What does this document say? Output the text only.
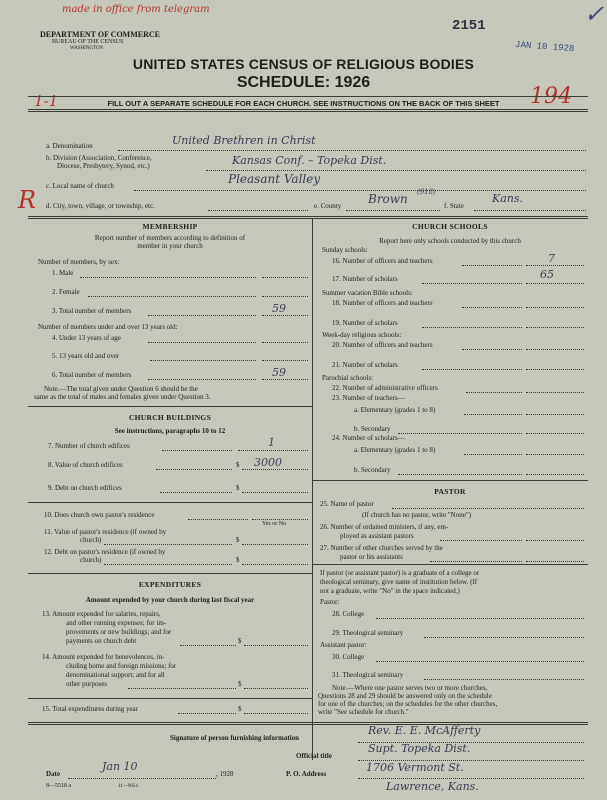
made in office from telegram
2151
JAN 10 1928
✓
1-1	194
R
DEPARTMENT OF COMMERCE
BUREAU OF THE CENSUS
WASHINGTON
UNITED STATES CENSUS OF RELIGIOUS BODIES
SCHEDULE: 1926
FILL OUT A SEPARATE SCHEDULE FOR EACH CHURCH. SEE INSTRUCTIONS ON THE BACK OF THIS SHEET
a. Denomination	United Brethren in Christ
b. Division (Association, Conference,
Diocese, Presbytery, Synod, etc.)	Kansas Conf. – Topeka Dist.
c. Local name of church	Pleasant Valley
d. City, town, village, or township, etc.	e. County Brown (918)
f. State
Kans.
MEMBERSHIP
Report number of members according to definition of
member in your church
Number of members, by sex:
1. Male
2. Female
3. Total number of members	59
Number of members under and over 13 years old:
4. Under 13 years of age
5. 13 years old and over
6. Total number of members	59
Note.—The total given under Question 6 should be the
same as the total of males and females given under Question 3.
CHURCH BUILDINGS
See instructions, paragraphs 10 to 12
7. Number of church edifices	1
8. Value of church edifices	$ 3000
9. Debt on church edifices	$
10. Does church own pastor's residence
Yes or No
11. Value of pastor's residence (if owned by
church)	$
12. Debt on pastor's residence (if owned by
church)	$
EXPENDITURES
Amount expended by your church during last fiscal year
13. Amount expended for salaries, repairs,
and other running expenses; for im-
provements or new buildings; and for
payments on church debt	$
14. Amount expended for benevolences, in-
cluding home and foreign missions; for
denominational support; and for all
other purposes	$
15. Total expenditures during year	$
CHURCH SCHOOLS
Report here only schools conducted by this church
Sunday schools:
16. Number of officers and teachers	7
17. Number of scholars	65
Summer vacation Bible schools:
18. Number of officers and teachers
19. Number of scholars
Week-day religious schools:
20. Number of officers and teachers
21. Number of scholars
Parochial schools:
22. Number of administrative officers
23. Number of teachers—
a. Elementary (grades 1 to 8)
b. Secondary
24. Number of scholars—
a. Elementary (grades 1 to 8)
b. Secondary
PASTOR
25. Name of pastor
(If church has no pastor, write "None")
26. Number of ordained ministers, if any, em-
ployed as assistant pastors
27. Number of other churches served by the
pastor or his assistants
If pastor (or assistant pastor) is a graduate of a college or
theological seminary, give name of institution below. (If
not a graduate, write "No" in the space indicated.)
Pastor:
28. College
29. Theological seminary
Assistant pastor:
30. College
31. Theological seminary
Note.—Where one pastor serves two or more churches,
Questions 28 and 29 should be answered only on the schedule
for one of the churches; on the schedules for the other churches,
write "See schedule for church."
Signature of person furnishing information
Rev. E. E. McAfferty
Official title
Supt. Topeka Dist.
Date
Jan 10
, 1928	P. O. Address	1706 Vermont St.
Lawrence, Kans.
8—5518 a	11—9054
